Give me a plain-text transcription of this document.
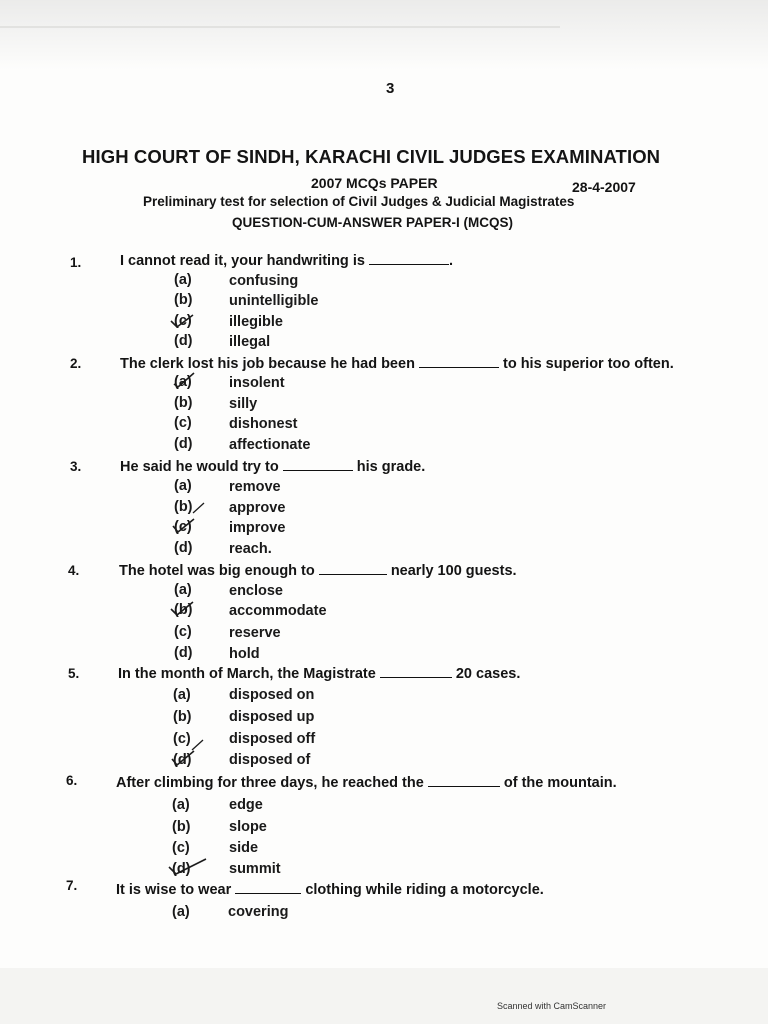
3
HIGH COURT OF SINDH, KARACHI CIVIL JUDGES EXAMINATION
2007 MCQs PAPER	28-4-2007
Preliminary test for selection of Civil Judges & Judicial Magistrates
QUESTION-CUM-ANSWER PAPER-I (MCQS)
1.	I cannot read it, your handwriting is	.
(a)	confusing
(b)	unintelligible
(c)	illegible
(d)	illegal
2.	The clerk lost his job because he had been	to his superior too often.
(a)	insolent
(b)	silly
(c)	dishonest
(d)	affectionate
3.	He said he would try to	his grade.
(a)	remove
(b)	approve
(c)	improve
(d)	reach.
4.	The hotel was big enough to	nearly 100 guests.
(a)	enclose
(b)	accommodate
(c)	reserve
(d)	hold
5.	In the month of March, the Magistrate	20 cases.
(a)	disposed on
(b)	disposed up
(c)	disposed off
(d)	disposed of
6.	After climbing for three days, he reached the	of the mountain.
(a)	edge
(b)	slope
(c)	side
(d)	summit
7.	It is wise to wear	clothing while riding a motorcycle.
(a)	covering
Scanned with CamScanner
